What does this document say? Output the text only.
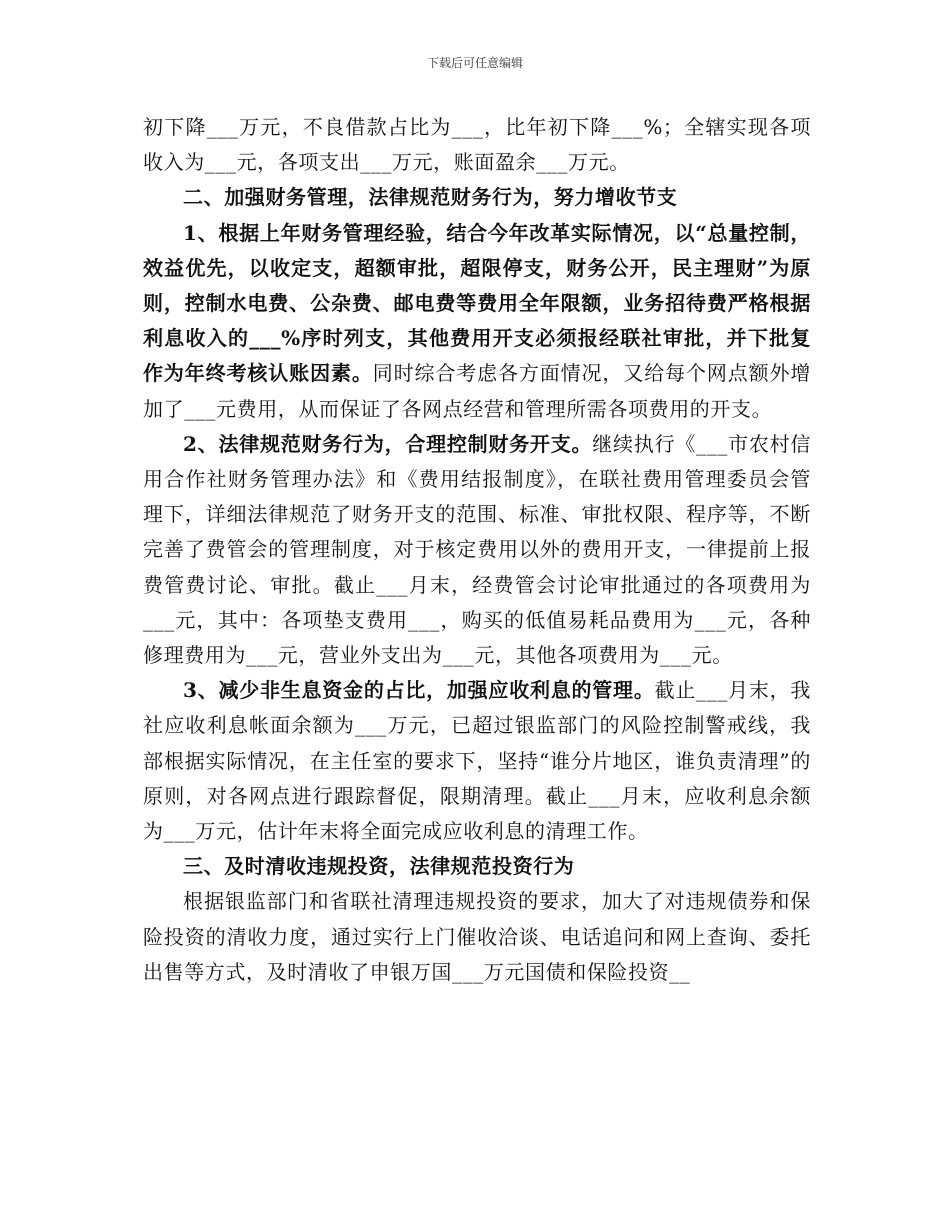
下载后可任意编辑

初下降___万元，不良借款占比为___，比年初下降___%；全辖实现各项收入为___元，各项支出___万元，账面盈余___万元。

二、加强财务管理，法律规范财务行为，努力增收节支

1、根据上年财务管理经验，结合今年改革实际情况，以“总量控制，效益优先，以收定支，超额审批，超限停支，财务公开，民主理财”为原则，控制水电费、公杂费、邮电费等费用全年限额，业务招待费严格根据利息收入的___%序时列支，其他费用开支必须报经联社审批，并下批复作为年终考核认账因素。同时综合考虑各方面情况，又给每个网点额外增加了___元费用，从而保证了各网点经营和管理所需各项费用的开支。

2、法律规范财务行为，合理控制财务开支。继续执行《___市农村信用合作社财务管理办法》和《费用结报制度》，在联社费用管理委员会管理下，详细法律规范了财务开支的范围、标准、审批权限、程序等，不断完善了费管会的管理制度，对于核定费用以外的费用开支，一律提前上报费管费讨论、审批。截止___月末，经费管会讨论审批通过的各项费用为___元，其中：各项垫支费用___，购买的低值易耗品费用为___元，各种修理费用为___元，营业外支出为___元，其他各项费用为___元。

3、减少非生息资金的占比，加强应收利息的管理。截止___月末，我社应收利息帐面余额为___万元，已超过银监部门的风险控制警戒线，我部根据实际情况，在主任室的要求下，坚持“谁分片地区，谁负责清理”的原则，对各网点进行跟踪督促，限期清理。截止___月末，应收利息余额为___万元，估计年末将全面完成应收利息的清理工作。

三、及时清收违规投资，法律规范投资行为

根据银监部门和省联社清理违规投资的要求，加大了对违规债券和保险投资的清收力度，通过实行上门催收洽谈、电话追问和网上查询、委托出售等方式，及时清收了申银万国___万元国债和保险投资__
